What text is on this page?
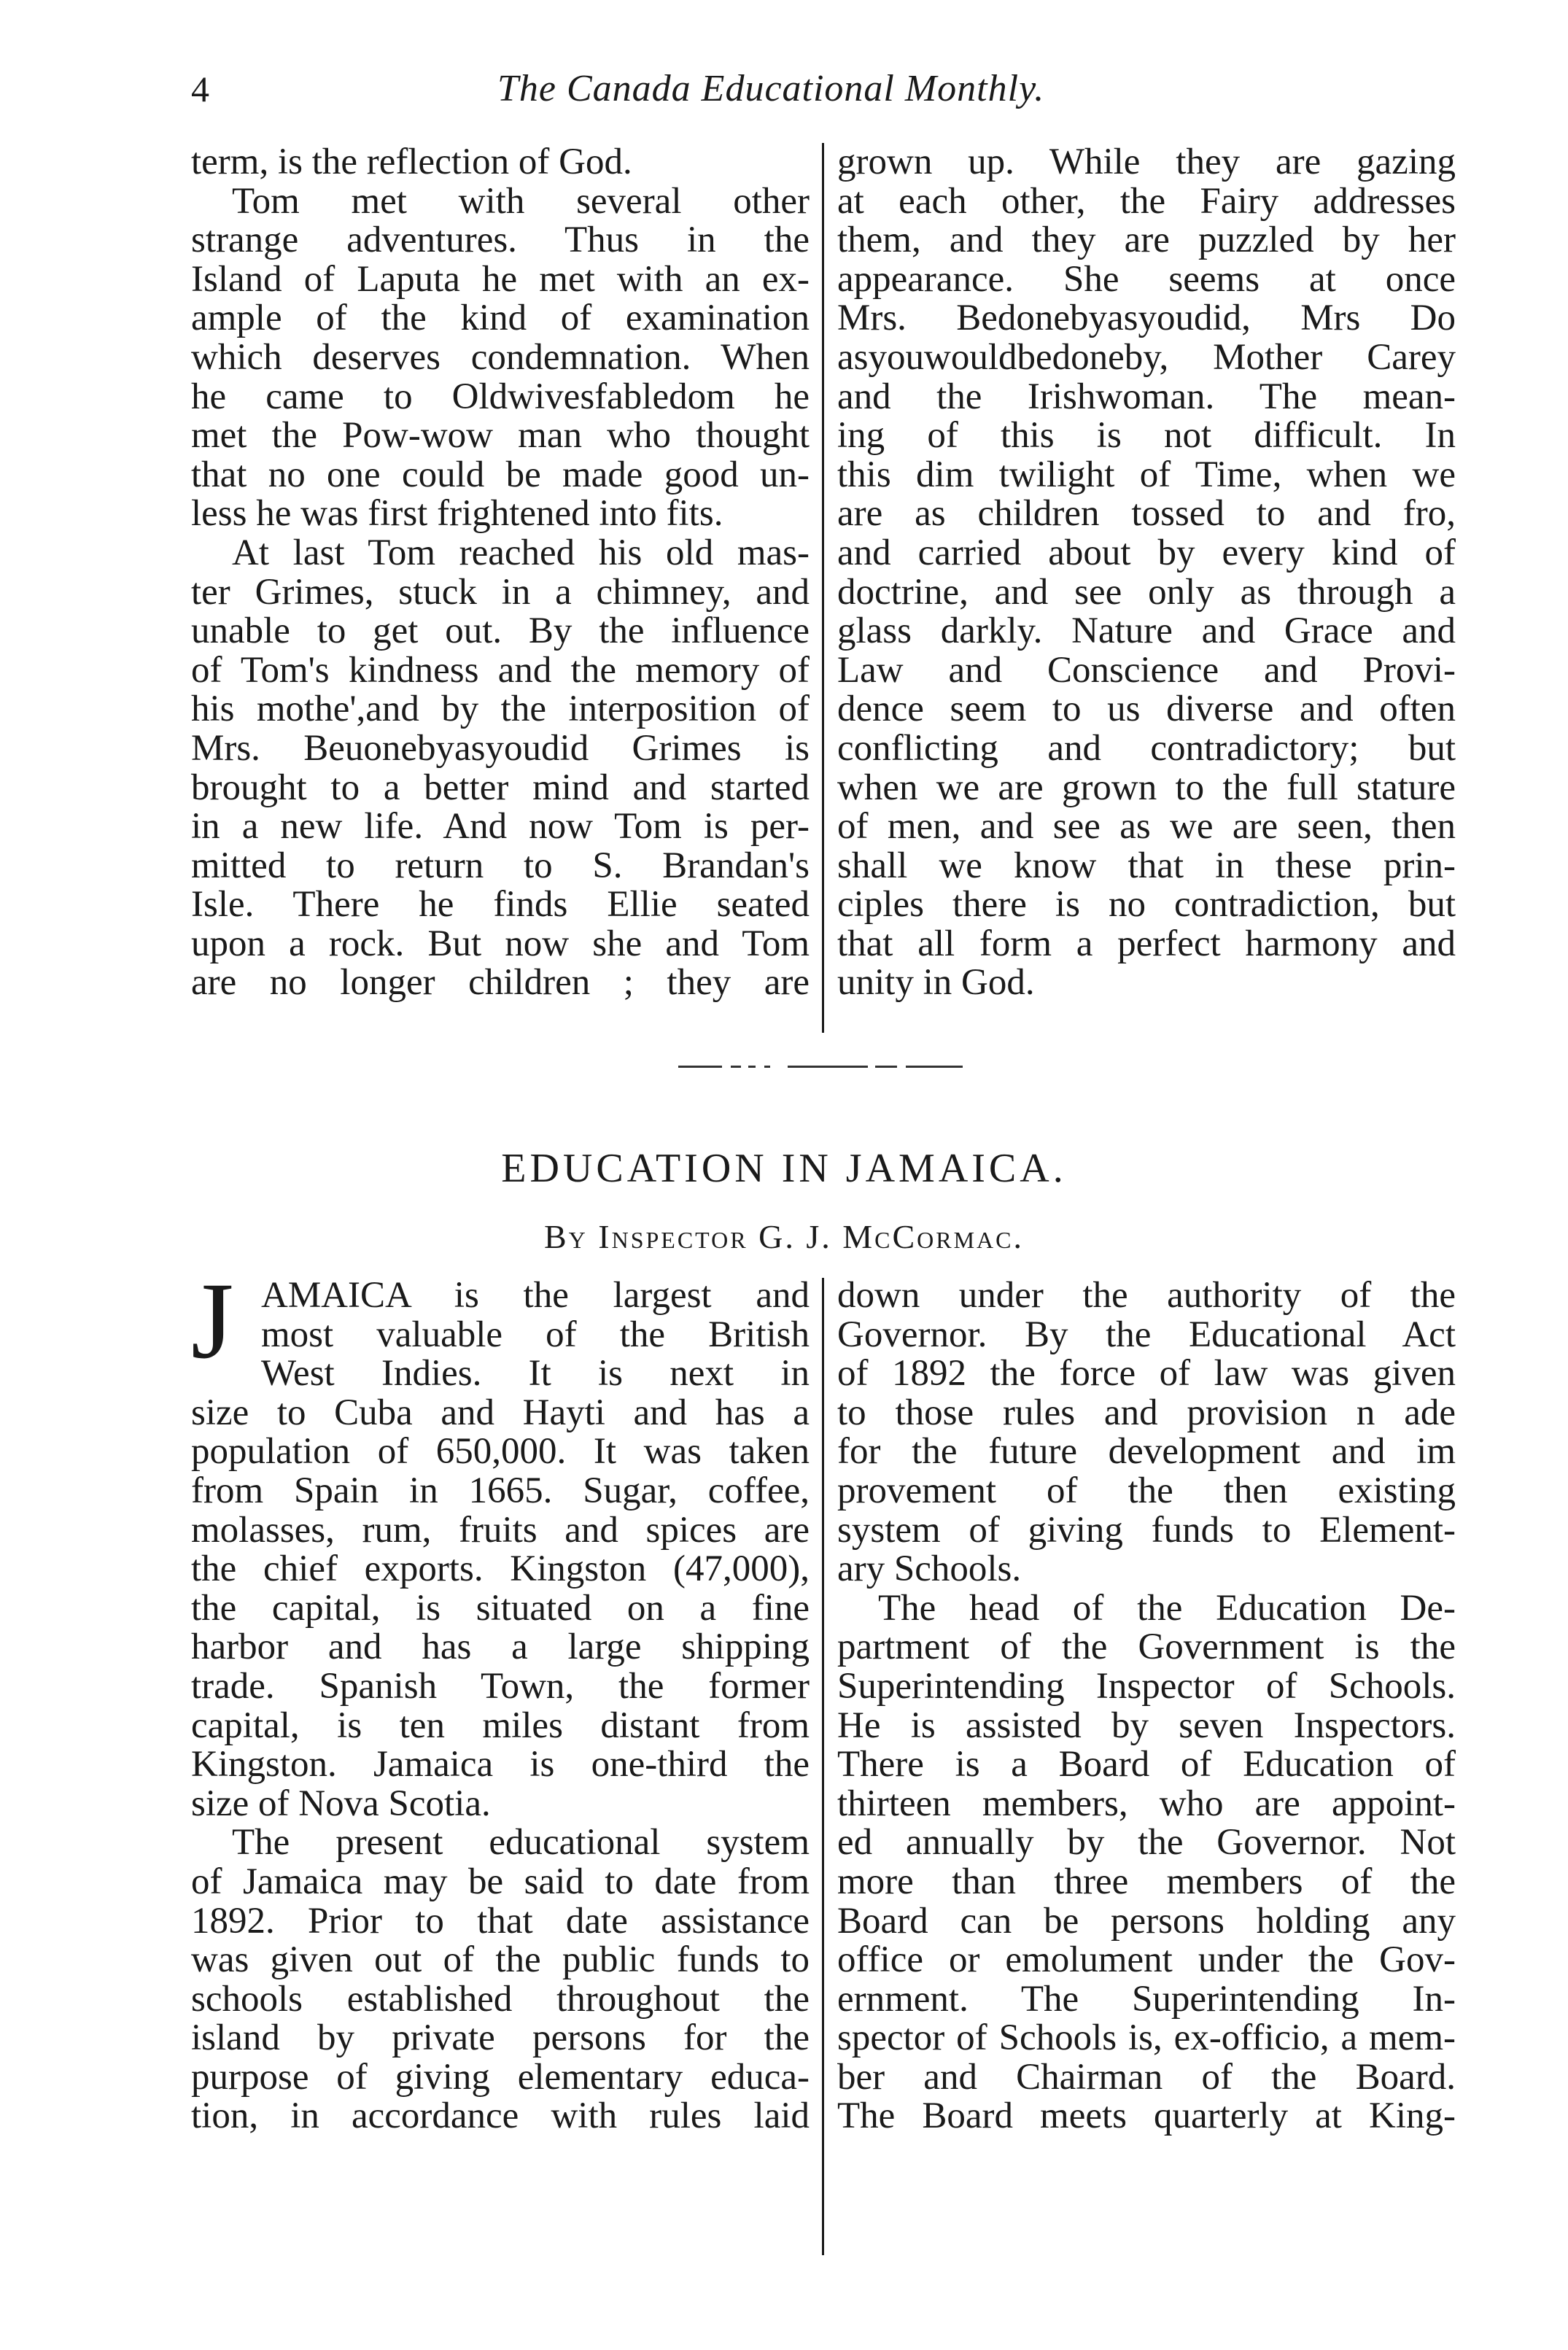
4	The Canada Educational Monthly.
term, is the reflection of God.
Tom met with several other
strange adventures. Thus in the
Island of Laputa he met with an ex-
ample of the kind of examination
which deserves condemnation. When
he came to Oldwivesfabledom he
met the Pow-wow man who thought
that no one could be made good un-
less he was first frightened into fits.
At last Tom reached his old mas-
ter Grimes, stuck in a chimney, and
unable to get out. By the influence
of Tom's kindness and the memory of
his mothe',and by the interposition of
Mrs. Beuonebyasyoudid Grimes is
brought to a better mind and started
in a new life. And now Tom is per-
mitted to return to S. Brandan's
Isle. There he finds Ellie seated
upon a rock. But now she and Tom
are no longer children ; they are
grown up. While they are gazing
at each other, the Fairy addresses
them, and they are puzzled by her
appearance. She seems at once
Mrs. Bedonebyasyoudid, Mrs Do
asyouwouldbedoneby, Mother Carey
and the Irishwoman. The mean-
ing of this is not difficult. In
this dim twilight of Time, when we
are as children tossed to and fro,
and carried about by every kind of
doctrine, and see only as through a
glass darkly. Nature and Grace and
Law and Conscience and Provi-
dence seem to us diverse and often
conflicting and contradictory; but
when we are grown to the full stature
of men, and see as we are seen, then
shall we know that in these prin-
ciples there is no contradiction, but
that all form a perfect harmony and
unity in God.
EDUCATION IN JAMAICA.
By Inspector G. J. McCormac.
J AMAICA is the largest and
most valuable of the British
West Indies. It is next in
size to Cuba and Hayti and has a
population of 650,000. It was taken
from Spain in 1665. Sugar, coffee,
molasses, rum, fruits and spices are
the chief exports. Kingston (47,000),
the capital, is situated on a fine
harbor and has a large shipping
trade. Spanish Town, the former
capital, is ten miles distant from
Kingston. Jamaica is one-third the
size of Nova Scotia.
The present educational system
of Jamaica may be said to date from
1892. Prior to that date assistance
was given out of the public funds to
schools established throughout the
island by private persons for the
purpose of giving elementary educa-
tion, in accordance with rules laid
down under the authority of the
Governor. By the Educational Act
of 1892 the force of law was given
to those rules and provision n ade
for the future development and im
provement of the then existing
system of giving funds to Element-
ary Schools.
The head of the Education De-
partment of the Government is the
Superintending Inspector of Schools.
He is assisted by seven Inspectors.
There is a Board of Education of
thirteen members, who are appoint-
ed annually by the Governor. Not
more than three members of the
Board can be persons holding any
office or emolument under the Gov-
ernment. The Superintending In-
spector of Schools is, ex-officio, a mem-
ber and Chairman of the Board.
The Board meets quarterly at King-
